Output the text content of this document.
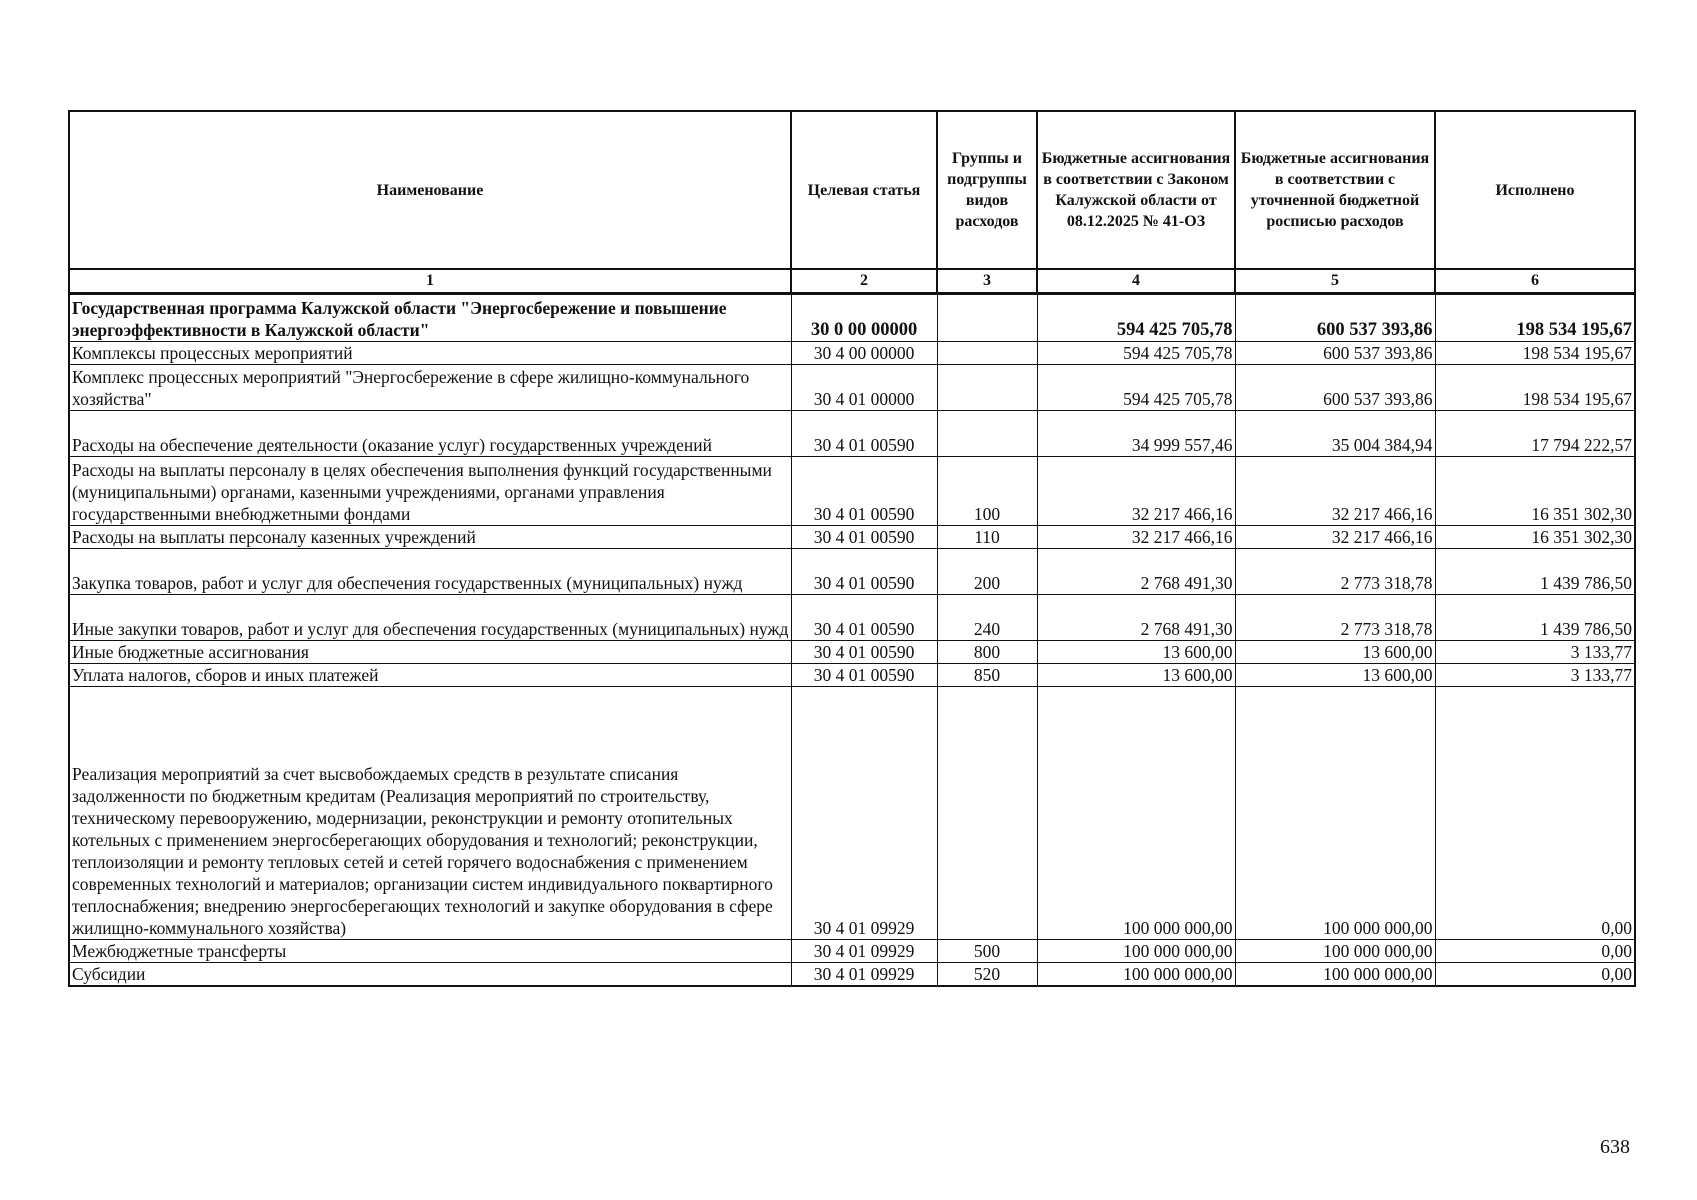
Наименование	Целевая статья	Группы и подгруппы видов расходов	Бюджетные ассигнования в соответствии с Законом Калужской области от 08.12.2025 № 41-ОЗ	Бюджетные ассигнования в соответствии с уточненной бюджетной росписью расходов	Исполнено
1	2	3	4	5	6
Государственная программа Калужской области "Энергосбережение и повышение энергоэффективности в Калужской области"	30 0 00 00000		594 425 705,78	600 537 393,86	198 534 195,67
Комплексы процессных мероприятий	30 4 00 00000		594 425 705,78	600 537 393,86	198 534 195,67
Комплекс процессных мероприятий "Энергосбережение в сфере жилищно-коммунального хозяйства"	30 4 01 00000		594 425 705,78	600 537 393,86	198 534 195,67
Расходы на обеспечение деятельности (оказание услуг) государственных учреждений	30 4 01 00590		34 999 557,46	35 004 384,94	17 794 222,57
Расходы на выплаты персоналу в целях обеспечения выполнения функций государственными (муниципальными) органами, казенными учреждениями, органами управления государственными внебюджетными фондами	30 4 01 00590	100	32 217 466,16	32 217 466,16	16 351 302,30
Расходы на выплаты персоналу казенных учреждений	30 4 01 00590	110	32 217 466,16	32 217 466,16	16 351 302,30
Закупка товаров, работ и услуг для обеспечения государственных (муниципальных) нужд	30 4 01 00590	200	2 768 491,30	2 773 318,78	1 439 786,50
Иные закупки товаров, работ и услуг для обеспечения государственных (муниципальных) нужд	30 4 01 00590	240	2 768 491,30	2 773 318,78	1 439 786,50
Иные бюджетные ассигнования	30 4 01 00590	800	13 600,00	13 600,00	3 133,77
Уплата налогов, сборов и иных платежей	30 4 01 00590	850	13 600,00	13 600,00	3 133,77
Реализация мероприятий за счет высвобождаемых средств в результате списания задолженности по бюджетным кредитам (Реализация мероприятий по строительству, техническому перевооружению, модернизации, реконструкции и ремонту отопительных котельных с применением энергосберегающих оборудования и технологий; реконструкции, теплоизоляции и ремонту тепловых сетей и сетей горячего водоснабжения с применением современных технологий и материалов; организации систем индивидуального поквартирного теплоснабжения; внедрению энергосберегающих технологий и закупке оборудования в сфере жилищно-коммунального хозяйства)	30 4 01 09929		100 000 000,00	100 000 000,00	0,00
Межбюджетные трансферты	30 4 01 09929	500	100 000 000,00	100 000 000,00	0,00
Субсидии	30 4 01 09929	520	100 000 000,00	100 000 000,00	0,00
638
